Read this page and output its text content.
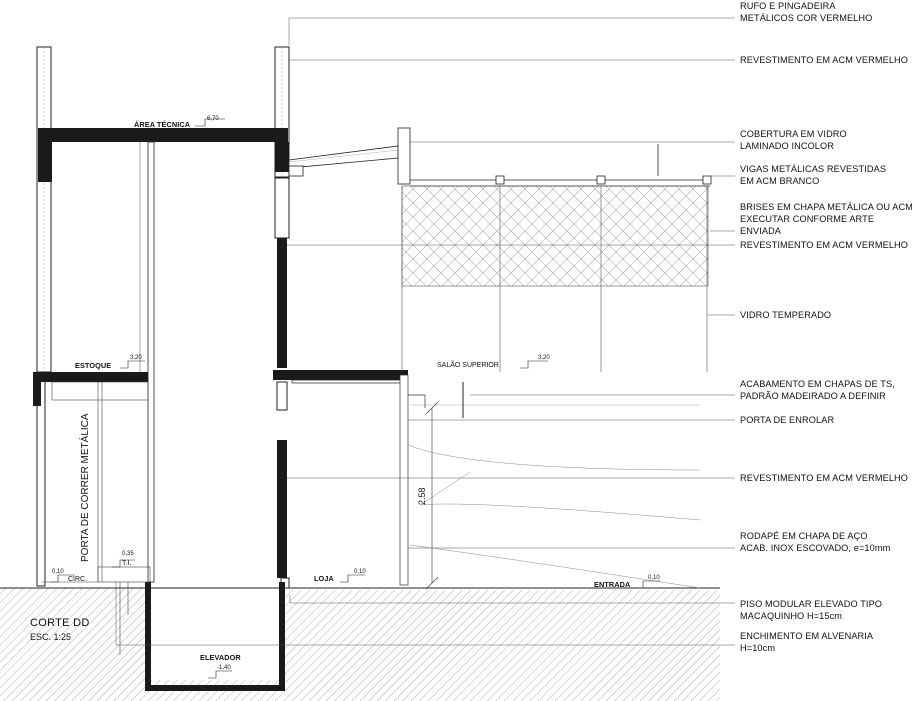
RUFO E PINGADEIRA
METÁLICOS COR VERMELHO
REVESTIMENTO EM ACM VERMELHO
COBERTURA EM VIDRO
LAMINADO INCOLOR
VIGAS METÁLICAS REVESTIDAS
EM ACM BRANCO
BRISES EM CHAPA METÁLICA OU ACM
EXECUTAR CONFORME ARTE
ENVIADA
REVESTIMENTO EM ACM VERMELHO
VIDRO TEMPERADO
ACABAMENTO EM CHAPAS DE TS,
PADRÃO MADEIRADO A DEFINIR
PORTA DE ENROLAR
REVESTIMENTO EM ACM VERMELHO
RODAPÉ EM CHAPA DE AÇO
ACAB. INOX ESCOVADO, e=10mm
PISO MODULAR ELEVADO TIPO
MACAQUINHO H=15cm
ENCHIMENTO EM ALVENARIA
H=10cm
ÁREA TÉCNICA
6,70
ESTOQUE
3,20
SALÃO SUPERIOR
3,20
LOJA
0,10
ENTRADA
0,10
CIRC.
0,10
T.I.
0,35
ELEVADOR
-1,40
PORTA DE CORRER METÁLICA	2.58
CORTE DD
ESC. 1:25
